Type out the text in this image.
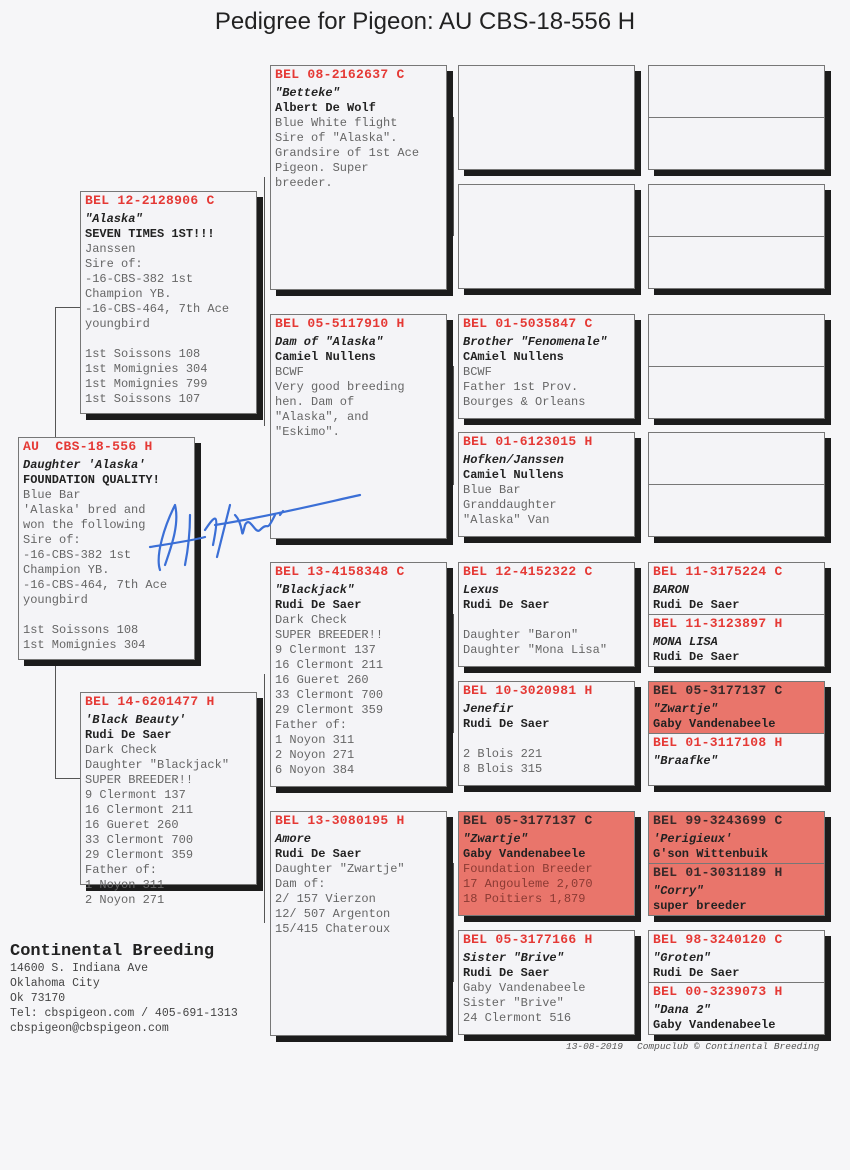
Pedigree for Pigeon: AU CBS-18-556 H
AU  CBS-18-556 H
Daughter 'Alaska'
FOUNDATION QUALITY!
Blue Bar
'Alaska' bred and
won the following
Sire of:
-16-CBS-382 1st
Champion YB.
-16-CBS-464, 7th Ace
youngbird
1st Soissons 108
1st Momignies 304
BEL 12-2128906 C
"Alaska"
SEVEN TIMES 1ST!!!
Janssen
Sire of:
-16-CBS-382 1st
Champion YB.
-16-CBS-464, 7th Ace
youngbird
1st Soissons 108
1st Momignies 304
1st Momignies 799
1st Soissons 107
BEL 14-6201477 H
'Black Beauty'
Rudi De Saer
Dark Check
Daughter "Blackjack"
SUPER BREEDER!!
9 Clermont 137
16 Clermont 211
16 Gueret 260
33 Clermont 700
29 Clermont 359
Father of:
1 Noyon 311
2 Noyon 271
BEL 08-2162637 C
"Betteke"
Albert De Wolf
Blue White flight
Sire of "Alaska".
Grandsire of 1st Ace
Pigeon. Super
breeder.
BEL 05-5117910 H
Dam of "Alaska"
Camiel Nullens
BCWF
Very good breeding
hen. Dam of
"Alaska", and
"Eskimo".
BEL 13-4158348 C
"Blackjack"
Rudi De Saer
Dark Check
SUPER BREEDER!!
9 Clermont 137
16 Clermont 211
16 Gueret 260
33 Clermont 700
29 Clermont 359
Father of:
1 Noyon 311
2 Noyon 271
6 Noyon 384
BEL 13-3080195 H
Amore
Rudi De Saer
Daughter "Zwartje"
Dam of:
2/ 157 Vierzon
12/ 507 Argenton
15/415 Chateroux
BEL 01-5035847 C
Brother "Fenomenale"
CAmiel Nullens
BCWF
Father 1st Prov.
Bourges & Orleans
BEL 01-6123015 H
Hofken/Janssen
Camiel Nullens
Blue Bar
Granddaughter
"Alaska" Van
BEL 12-4152322 C
Lexus
Rudi De Saer
Daughter "Baron"
Daughter "Mona Lisa"
BEL 10-3020981 H
Jenefir
Rudi De Saer
2 Blois 221
8 Blois 315
BEL 05-3177137 C
"Zwartje"
Gaby Vandenabeele
Foundation Breeder
17 Angouleme 2,070
18 Poitiers 1,879
BEL 05-3177166 H
Sister "Brive"
Rudi De Saer
Gaby Vandenabeele
Sister "Brive"
24 Clermont 516
BEL 11-3175224 C
BARON
Rudi De Saer
BEL 11-3123897 H
MONA LISA
Rudi De Saer
BEL 05-3177137 C
"Zwartje"
Gaby Vandenabeele
BEL 01-3117108 H
"Braafke"
BEL 99-3243699 C
'Perigieux'
G'son Wittenbuik
BEL 01-3031189 H
"Corry"
super breeder
BEL 98-3240120 C
"Groten"
Rudi De Saer
BEL 00-3239073 H
"Dana 2"
Gaby Vandenabeele
Continental Breeding
14600 S. Indiana Ave
Oklahoma City
Ok 73170
Tel: cbspigeon.com / 405-691-1313
cbspigeon@cbspigeon.com
13-08-2019 Compuclub © Continental Breeding
